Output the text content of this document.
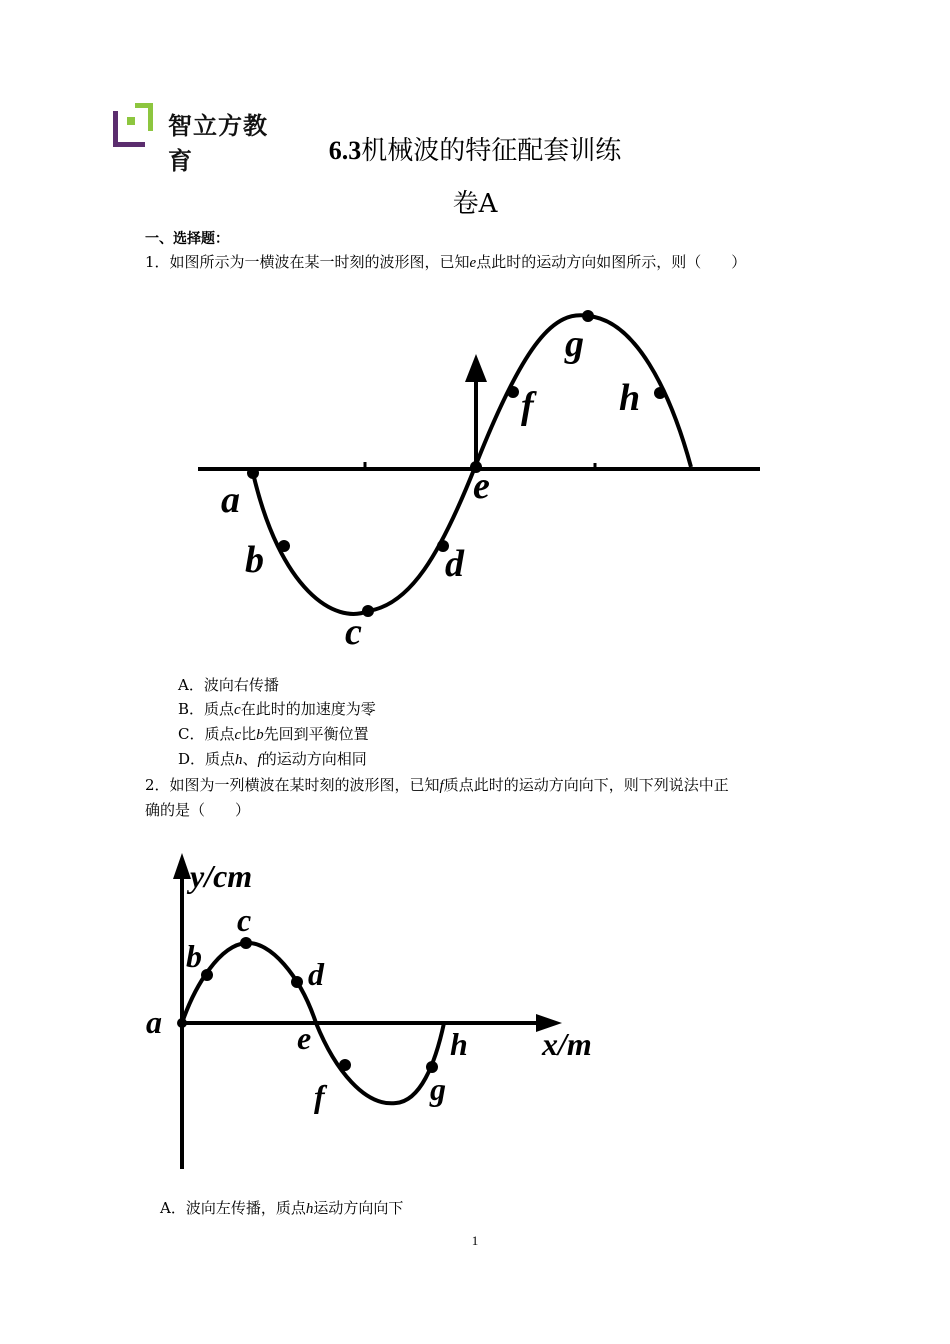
智立方教育	6.3机械波的特征配套训练
卷A
一、选择题：
1．如图所示为一横波在某一时刻的波形图，已知e点此时的运动方向如图所示，则（　　）
a
b
c
d
e
f
g
h
A．波向右传播
B．质点c在此时的加速度为零
C．质点c比b先回到平衡位置
D．质点h、f的运动方向相同
2．如图为一列横波在某时刻的波形图，已知f质点此时的运动方向向下，则下列说法中正
确的是（　　）
y/cm
x/m
a
b
c
d
e
f	g
h
A．波向左传播，质点h运动方向向下
1
